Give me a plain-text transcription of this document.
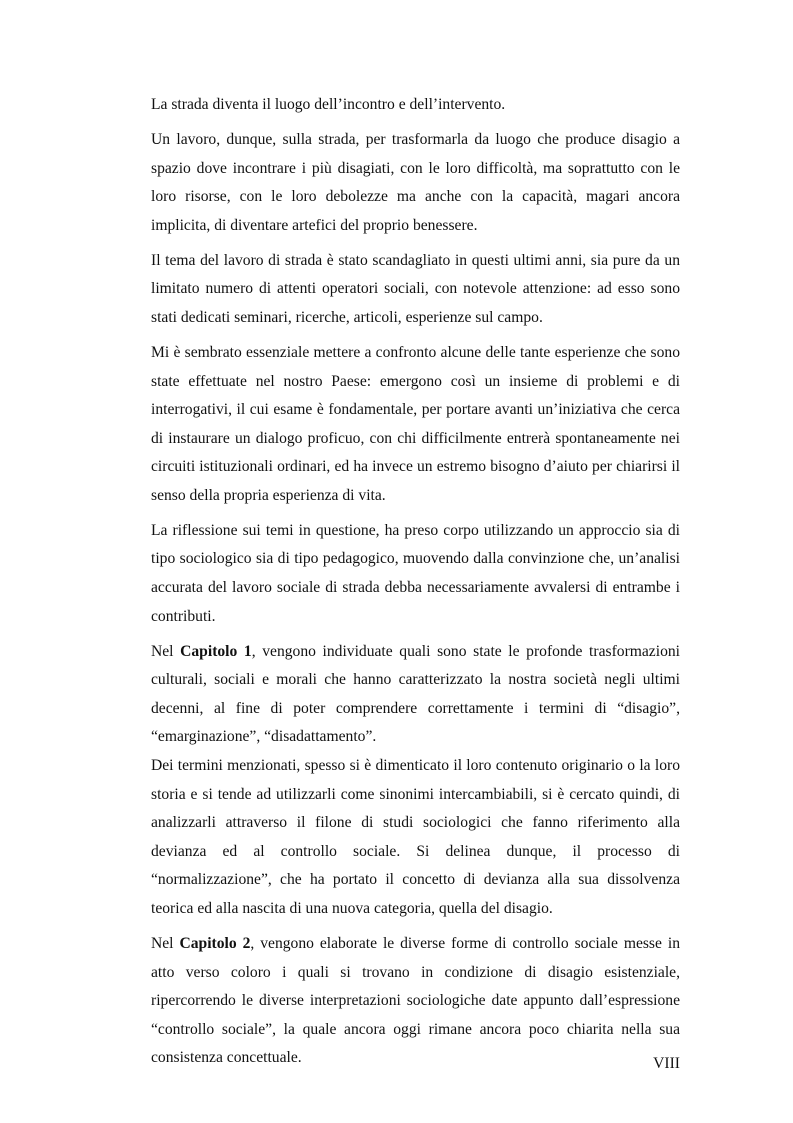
La strada diventa il luogo dell’incontro e dell’intervento.

Un lavoro, dunque, sulla strada, per trasformarla da luogo che produce disagio a spazio dove incontrare i più disagiati, con le loro difficoltà, ma soprattutto con le loro risorse, con le loro debolezze ma anche con la capacità, magari ancora implicita, di diventare artefici del proprio benessere.

Il tema del lavoro di strada è stato scandagliato in questi ultimi anni, sia pure da un limitato numero di attenti operatori sociali, con notevole attenzione: ad esso sono stati dedicati seminari, ricerche, articoli, esperienze sul campo.

Mi è sembrato essenziale mettere a confronto alcune delle tante esperienze che sono state effettuate nel nostro Paese: emergono così un insieme di problemi e di interrogativi, il cui esame è fondamentale, per portare avanti un’iniziativa che cerca di instaurare un dialogo proficuo, con chi difficilmente entrerà spontaneamente nei circuiti istituzionali ordinari, ed ha invece un estremo bisogno d’aiuto per chiarirsi il senso della propria esperienza di vita.

La riflessione sui temi in questione, ha preso corpo utilizzando un approccio sia di tipo sociologico sia di tipo pedagogico, muovendo dalla convinzione che, un’analisi accurata del lavoro sociale di strada debba necessariamente avvalersi di entrambe i contributi.

Nel Capitolo 1, vengono individuate quali sono state le profonde trasformazioni culturali, sociali e morali che hanno caratterizzato la nostra società negli ultimi decenni, al fine di poter comprendere correttamente i termini di “disagio”, “emarginazione”, “disadattamento”.

Dei termini menzionati, spesso si è dimenticato il loro contenuto originario o la loro storia e si tende ad utilizzarli come sinonimi intercambiabili, si è cercato quindi, di analizzarli attraverso il filone di studi sociologici che fanno riferimento alla devianza ed al controllo sociale. Si delinea dunque, il processo di “normalizzazione”, che ha portato il concetto di devianza alla sua dissolvenza teorica ed alla nascita di una nuova categoria, quella del disagio.

Nel Capitolo 2, vengono elaborate le diverse forme di controllo sociale messe in atto verso coloro i quali si trovano in condizione di disagio esistenziale, ripercorrendo le diverse interpretazioni sociologiche date appunto dall’espressione “controllo sociale”, la quale ancora oggi rimane ancora poco chiarita nella sua consistenza concettuale.	VIII
